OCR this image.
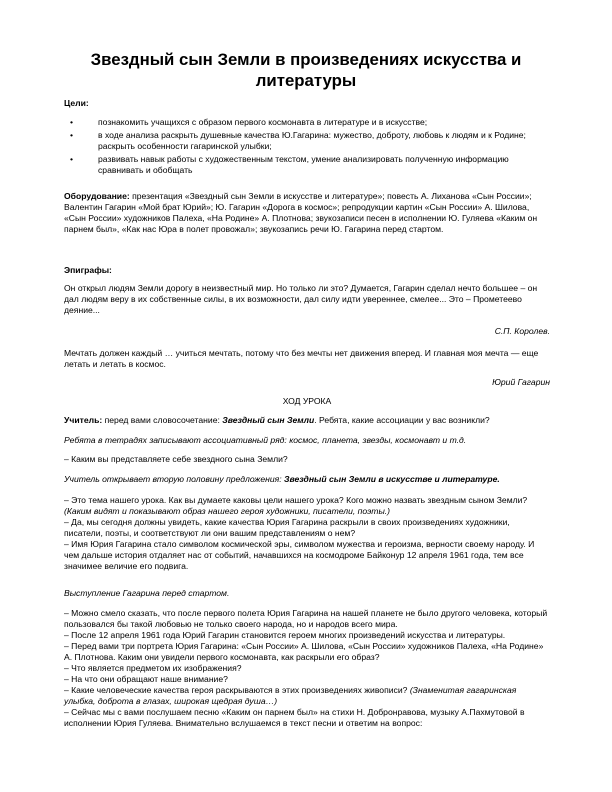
Звездный сын Земли в произведениях искусства и литературы
Цели:
•	познакомить учащихся с образом первого космонавта в литературе и в искусстве;
•	в ходе анализа раскрыть душевные качества Ю.Гагарина: мужество, доброту, любовь к людям и к Родине; раскрыть особенности гагаринской улыбки;
•	развивать навык работы с художественным текстом, умение анализировать полученную информацию сравнивать и обобщать

Оборудование: презентация «Звездный сын Земли в искусстве и литературе»; повесть А. Лиханова «Сын России»; Валентин Гагарин «Мой брат Юрий»; Ю. Гагарин «Дорога в космос»; репродукции картин «Сын России» А. Шилова, «Сын России» художников Палеха, «На Родине» А. Плотнова; звукозаписи песен в исполнении Ю. Гуляева «Каким он парнем был», «Как нас Юра в полет провожал»; звукозапись речи Ю. Гагарина перед стартом.

Эпиграфы:

Он открыл людям Земли дорогу в неизвестный мир. Но только ли это? Думается, Гагарин сделал нечто большее – он дал людям веру в их собственные силы, в их возможности, дал силу идти увереннее, смелее... Это – Прометеево деяние...

С.П. Королев.

Мечтать должен каждый … учиться мечтать, потому что без мечты нет движения вперед. И главная моя мечта — еще летать и летать в космос.

Юрий Гагарин
ХОД УРОКА
Учитель: перед вами словосочетание: Звездный сын Земли. Ребята, какие ассоциации у вас возникли?
Ребята в тетрадях записывают ассоциативный ряд: космос, планета, звезды, космонавт и т.д.
– Каким вы представляете себе звездного сына Земли?
Учитель открывает вторую половину предложения: Звездный сын Земли в искусстве и литературе.

– Это тема нашего урока. Как вы думаете каковы цели нашего урока? Кого можно назвать звездным сыном Земли? (Каким видят и показывают образ нашего героя художники, писатели, поэты.)

– Да, мы сегодня должны увидеть, какие качества Юрия Гагарина раскрыли в своих произведениях художники, писатели, поэты, и соответствуют ли они вашим представлениям о нем?

– Имя Юрия Гагарина стало символом космической эры, символом мужества и героизма, верности своему народу. И чем дальше история отдаляет нас от событий, начавшихся на космодроме Байконур 12 апреля 1961 года, тем все значимее величие его подвига.

Выступление Гагарина перед стартом.

– Можно смело сказать, что после первого полета Юрия Гагарина на нашей планете не было другого человека, который пользовался бы такой любовью не только своего народа, но и народов всего мира.

– После 12 апреля 1961 года Юрий Гагарин становится героем многих произведений искусства и литературы.

– Перед вами три портрета Юрия Гагарина: «Сын России» А. Шилова, «Сын России» художников Палеха, «На Родине» А. Плотнова. Каким они увидели первого космонавта, как раскрыли его образ?

– Что является предметом их изображения?

– На что они обращают наше внимание?

– Какие человеческие качества героя раскрываются в этих произведениях живописи? (Знаменитая гагаринская улыбка, доброта в глазах, широкая щедрая душа…)

– Сейчас мы с вами послушаем песню «Каким он парнем был» на стихи Н. Добронравова, музыку А.Пахмутовой в исполнении Юрия Гуляева. Внимательно вслушаемся в текст песни и ответим на вопрос:
